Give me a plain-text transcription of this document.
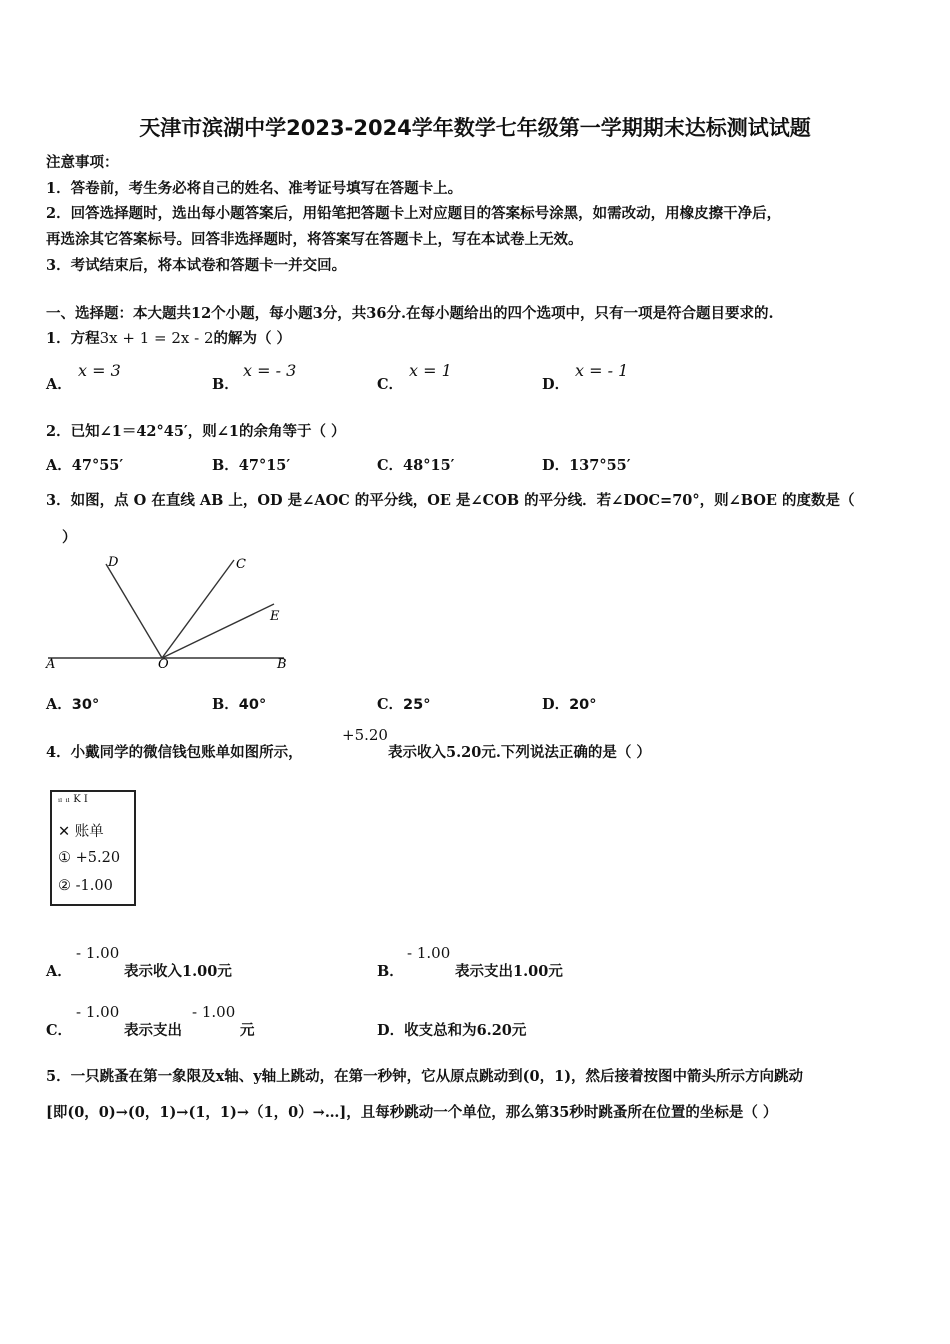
天津市滨湖中学2023-2024学年数学七年级第一学期期末达标测试试题
注意事项：
1．答卷前，考生务必将自己的姓名、准考证号填写在答题卡上。
2．回答选择题时，选出每小题答案后，用铅笔把答题卡上对应题目的答案标号涂黑，如需改动，用橡皮擦干净后，
再选涂其它答案标号。回答非选择题时，将答案写在答题卡上，写在本试卷上无效。
3．考试结束后，将本试卷和答题卡一并交回。
一、选择题：本大题共12个小题，每小题3分，共36分.在每小题给出的四个选项中，只有一项是符合题目要求的.
1．方程3x + 1 = 2x - 2的解为（ ）
A．
x = 3
B．
x = - 3
C．
x = 1
D．
x = - 1
2．已知∠1＝42°45′，则∠1的余角等于（ ）
A．47°55′	B．47°15′	C．48°15′	D．137°55′
3．如图，点 O 在直线 AB 上，OD 是∠AOC 的平分线，OE 是∠COB 的平分线．若∠DOC=70°，则∠BOE 的度数是（
）
A	O	B
C
D
E
A．30°	B．40°	C．25°	D．20°
4．小戴同学的微信钱包账单如图所示，
+5.20
表示收入5.20元.下列说法正确的是（ ）
ᵢₗ ᵢₗ K I
✕ 账单
① +5.20
② -1.00
A．
- 1.00
表示收入1.00元	B．
- 1.00
表示支出1.00元
C．
- 1.00
表示支出
- 1.00
元	D．收支总和为6.20元
5．一只跳蚤在第一象限及x轴、y轴上跳动，在第一秒钟，它从原点跳动到(0，1)，然后接着按图中箭头所示方向跳动
[即(0，0)→(0，1)→(1，1)→（1，0）→…]，且每秒跳动一个单位，那么第35秒时跳蚤所在位置的坐标是（ ）
